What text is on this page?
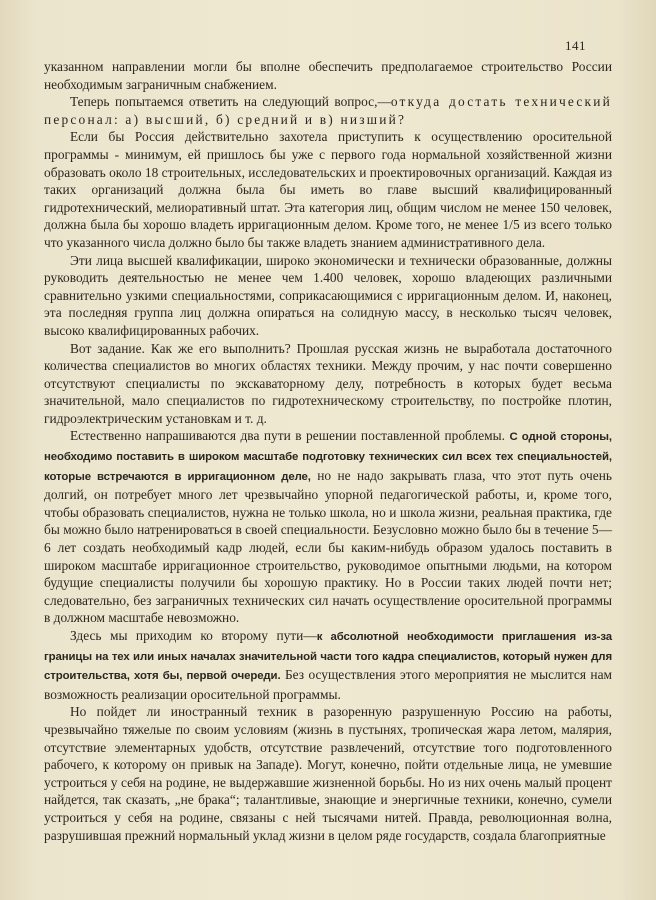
141

указанном направлении могли бы вполне обеспечить предполагаемое строительство России необходимым заграничным снабжением.

Теперь попытаемся ответить на следующий вопрос,—откуда достать технический персонал: а) высший, б) средний и в) низший?

Если бы Россия действительно захотела приступить к осуществлению оросительной программы - минимум, ей пришлось бы уже с первого года нормальной хозяйственной жизни образовать около 18 строительных, исследовательских и проектировочных организаций. Каждая из таких организаций должна была бы иметь во главе высший квалифицированный гидротехнический, мелиоративный штат. Эта категория лиц, общим числом не менее 150 человек, должна была бы хорошо владеть ирригационным делом. Кроме того, не менее 1/5 из всего только что указанного числа должно было бы также владеть знанием административного дела.

Эти лица высшей квалификации, широко экономически и технически образованные, должны руководить деятельностью не менее чем 1.400 человек, хорошо владеющих различными сравнительно узкими специальностями, соприкасающимися с ирригационным делом. И, наконец, эта последняя группа лиц должна опираться на солидную массу, в несколько тысяч человек, высоко квалифицированных рабочих.

Вот задание. Как же его выполнить? Прошлая русская жизнь не выработала достаточного количества специалистов во многих областях техники. Между прочим, у нас почти совершенно отсутствуют специалисты по экскаваторному делу, потребность в которых будет весьма значительной, мало специалистов по гидротехническому строительству, по постройке плотин, гидроэлектрическим установкам и т. д.

Естественно напрашиваются два пути в решении поставленной проблемы. С одной стороны, необходимо поставить в широком масштабе подготовку технических сил всех тех специальностей, которые встречаются в ирригационном деле, но не надо закрывать глаза, что этот путь очень долгий, он потребует много лет чрезвычайно упорной педагогической работы, и, кроме того, чтобы образовать специалистов, нужна не только школа, но и школа жизни, реальная практика, где бы можно было натренироваться в своей специальности. Безусловно можно было бы в течение 5—6 лет создать необходимый кадр людей, если бы каким-нибудь образом удалось поставить в широком масштабе ирригационное строительство, руководимое опытными людьми, на котором будущие специалисты получили бы хорошую практику. Но в России таких людей почти нет; следовательно, без заграничных технических сил начать осуществление оросительной программы в должном масштабе невозможно.

Здесь мы приходим ко второму пути—к абсолютной необходимости приглашения из-за границы на тех или иных началах значительной части того кадра специалистов, который нужен для строительства, хотя бы, первой очереди. Без осуществления этого мероприятия не мыслится нам возможность реализации оросительной программы.

Но пойдет ли иностранный техник в разоренную разрушенную Россию на работы, чрезвычайно тяжелые по своим условиям (жизнь в пустынях, тропическая жара летом, малярия, отсутствие элементарных удобств, отсутствие развлечений, отсутствие того подготовленного рабочего, к которому он привык на Западе). Могут, конечно, пойти отдельные лица, не умевшие устроиться у себя на родине, не выдержавшие жизненной борьбы. Но из них очень малый процент найдется, так сказать, „не брака“; талантливые, знающие и энергичные техники, конечно, сумели устроиться у себя на родине, связаны с ней тысячами нитей. Правда, революционная волна, разрушившая прежний нормальный уклад жизни в целом ряде государств, создала благоприятные
